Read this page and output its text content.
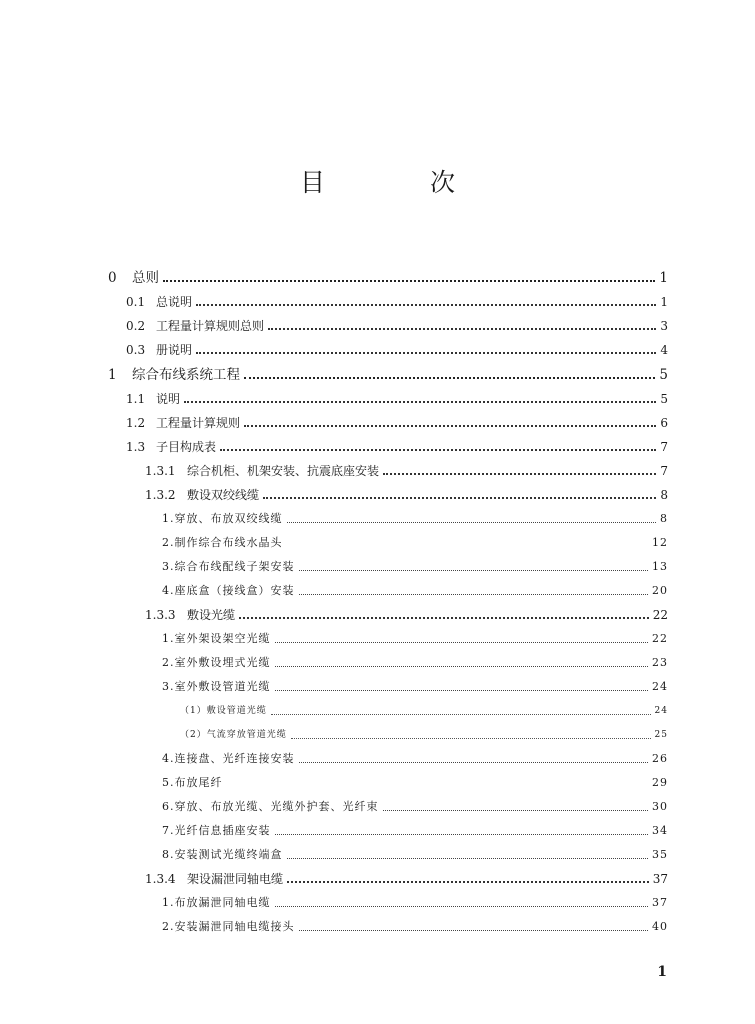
目　次
0	总则	1
0.1 总说明	1
0.2 工程量计算规则总则	3
0.3 册说明	4
1	综合布线系统工程	5
1.1 说明	5
1.2 工程量计算规则	6
1.3 子目构成表	7
1.3.1 综合机柜、机架安装、抗震底座安装	7
1.3.2 敷设双绞线缆	8
1.穿放、布放双绞线缆	8
2.制作综合布线水晶头	12
3.综合布线配线子架安装	13
4.座底盒（接线盒）安装	20
1.3.3 敷设光缆	22
1.室外架设架空光缆	22
2.室外敷设埋式光缆	23
3.室外敷设管道光缆	24
（1）敷设管道光缆	24
（2）气流穿放管道光缆	25
4.连接盘、光纤连接安装	26
5.布放尾纤	29
6.穿放、布放光缆、光缆外护套、光纤束	30
7.光纤信息插座安装	34
8.安装测试光缆终端盒	35
1.3.4 架设漏泄同轴电缆	37
1.布放漏泄同轴电缆	37
2.安装漏泄同轴电缆接头	40
1
